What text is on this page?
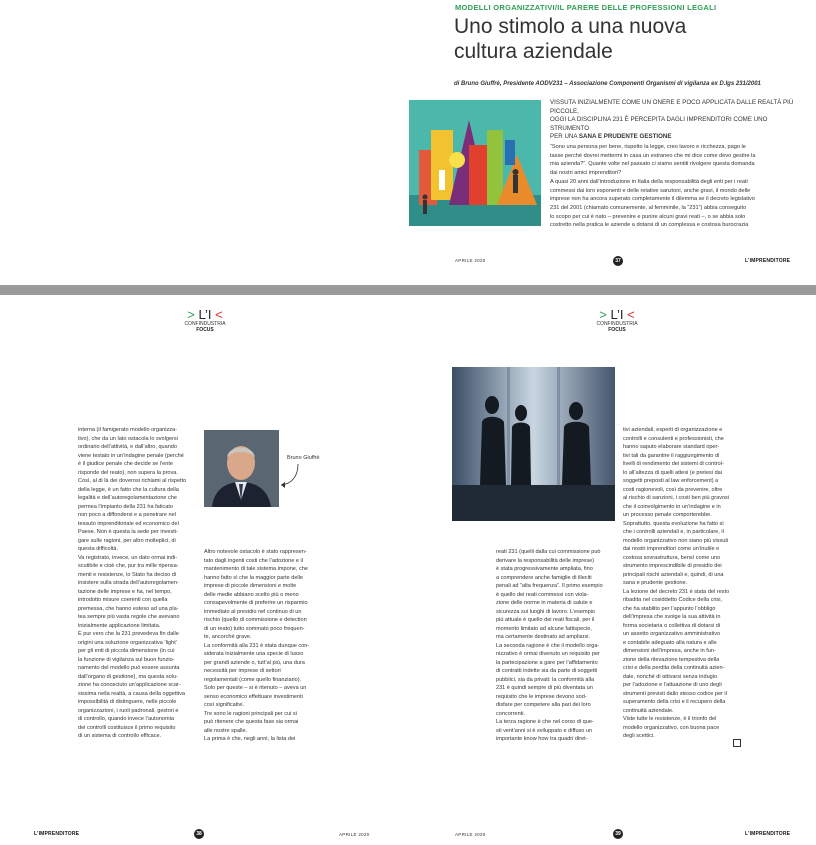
MODELLI ORGANIZZATIVI/IL PARERE DELLE PROFESSIONI LEGALI
Uno stimolo a una nuova
cultura aziendale
di Bruno Giuffrè, Presidente AODV231 – Associazione Componenti Organismi di vigilanza ex D.lgs 231/2001
VISSUTA INIZIALMENTE COME UN ONERE E POCO APPLICATA DALLE REALTÀ PIÙ PICCOLE,
OGGI LA DISCIPLINA 231 È PERCEPITA DAGLI IMPRENDITORI COME UNO STRUMENTO
PER UNA SANA E PRUDENTE GESTIONE
“Sono una persona per bene, rispetto la legge, creo lavoro e ricchezza, pago le
tasse perché dovrei mettermi in casa un estraneo che mi dice come devo gestire la
mia azienda?”. Quante volte nel passato ci siamo sentiti rivolgere questa domanda
dai nostri amici imprenditori?
A quasi 20 anni dall’introduzione in Italia della responsabilità degli enti per i reati
commessi dai loro esponenti e delle relative sanzioni, anche gravi, il mondo delle
imprese non ha ancora superato completamente il dilemma se il decreto legislativo
231 del 2001 (chiamato comunemente, al femminile, la “231”) abbia conseguito
lo scopo per cui è nato – prevenire e punire alcuni gravi reati –, o se abbia solo
costretto nella pratica le aziende a dotarsi di un complessa e costosa burocrazia
APRILE 2020	37	L’IMPRENDITORE
> L’I <
CONFINDUSTRIA
FOCUS
interna (il famigerato modello organizza-
tivo), che da un lato ostacola lo svolgersi
ordinario dell’attività, e dall’altro, quando
viene testato in un’indagine penale (perché
è il giudice penale che decide se l’ente
risponde del reato), non supera la prova.
Così, al di là dei doverosi richiami al rispetto
della legge, è un fatto che la cultura della
legalità e dell’autoregolamentazione che
permea l’impianto della 231 ha faticato
non poco a diffondersi e a penetrare nel
tessuto imprenditoriale ed economico del
Paese. Non è questa la sede per investi-
gare sulle ragioni, per altro molteplici, di
questa difficoltà.
Va registrato, invece, un dato ormai indi-
scutibile e cioè che, pur tra mille ripensa-
menti e resistenze, lo Stato ha deciso di
insistere sulla strada dell’autoregolamen-
tazione delle imprese e ha, nel tempo,
introdotto misure coerenti con quella
premessa, che hanno esteso ad una pla-
tea sempre più vasta regole che avevano
inizialmente applicazione limitata.
È pur vero che la 231 prevedeva fin dalle
origini una soluzione organizzativa ‘light’
per gli enti di piccola dimensione (in cui
la funzione di vigilanza sul buon funzio-
namento del modello può essere assunta
dall’organo di gestione), ma questa solu-
zione ha conosciuto un’applicazione scar-
sissima nella realtà, a causa della oggettiva
impossibilità di distinguere, nelle piccole
organizzazioni, i ruoli padronali, gestori e
di controllo, quando invece l’autonomia
dei controlli costituisce il primo requisito
di un sistema di controllo efficace.
Bruno Giuffrè
Altro notevole ostacolo è stato rappresen-
tato dagli ingenti costi che l’adozione e il
mantenimento di tale sistema impone, che
hanno fatto sì che la maggior parte delle
imprese di piccole dimensioni e molte
delle medie abbiano scelto più o meno
consapevolmente di preferire un risparmio
immediato al presidio nel continuo di un
rischio (quello di commissione e detection
di un reato) tutto sommato poco frequen-
te, ancorché grave.
La conformità alla 231 è stata dunque con-
siderata inizialmente una specie di lusso
per grandi aziende o, tutt’al più, una dura
necessità per imprese di settori
regolamentati (come quello finanziario).
Solo per queste – si è ritenuto – aveva un
senso economico effettuare investimenti
così significativi.
Tre sono le ragioni principali per cui si
può ritenere che questa fase sia ormai
alle nostre spalle.
La prima è che, negli anni, la lista dei
L’IMPRENDITORE	38	APRILE 2020
> L’I <
CONFINDUSTRIA
FOCUS
reati 231 (quelli dalla cui commissione può
derivare la responsabilità delle imprese)
è stata progressivamente ampliata, fino
a comprendere anche famiglie di illeciti
penali ad “alta frequenza”. Il primo esempio
è quello dei reati commessi con viola-
zione delle norme in materia di salute e
sicurezza sui luoghi di lavoro. L’esempio
più attuale è quello dei reati fiscali, per il
momento limitato ad alcune fattispecie,
ma certamente destinato ad ampliarsi.
La seconda ragione è che il modello orga-
nizzativo è ormai divenuto un requisito per
la partecipazione a gare per l’affidamento
di contratti indette sia da parte di soggetti
pubblici, sia da privati: la conformità alla
231 è quindi sempre di più diventata un
requisito che le imprese devono sod-
disfare per competere alla pari dei loro
concorrenti.
La terza ragione è che nel corso di que-
sti vent’anni si è sviluppato e diffuso un
importante know how tra quadri diret-
tivi aziendali, esperti di organizzazione e
controlli e consulenti e professionisti, che
hanno saputo elaborare standard oper-
tivi tali da garantire il raggiungimento di
livelli di rendimento dei sistemi di control-
lo all’altezza di quelli attesi (e pretesi dai
soggetti preposti al law enforcement) a
costi ragionevoli, così da prevenire, oltre
al rischio di sanzioni, i costi ben più gravosi
che il coinvolgimento in un’indagine e in
un processo penale comporterebbe.
Soprattutto, questa evoluzione ha fatto sì
che i controlli aziendali e, in particolare, il
modello organizzativo non siano più vissuti
dai nostri imprenditori come un’inutile e
costosa sovrastruttura, bensì come uno
strumento imprescindibile di presidio dei
principali rischi aziendali e, quindi, di una
sana e prudente gestione.
La lezione del decreto 231 è stata del resto
ribadita nel cosiddetto Codice della crisi,
che ha stabilito per l’appunto l’obbligo
dell’impresa che svolge la sua attività in
forma societaria o collettiva di dotarsi di
un assetto organizzativo amministrativo
e contabile adeguato alla natura e alle
dimensioni dell’impresa, anche in fun-
zione della rilevazione tempestiva della
crisi e della perdita della continuità azien-
dale, nonché di attivarsi senza indugio
per l’adozione e l’attuazione di uno degli
strumenti previsti dallo stesso codice per il
superamento della crisi e il recupero della
continuità aziendale.
Viste tutte le resistenze, è il trionfo del
modello organizzativo, con buona pace
degli scettici.
APRILE 2020	39	L’IMPRENDITORE
